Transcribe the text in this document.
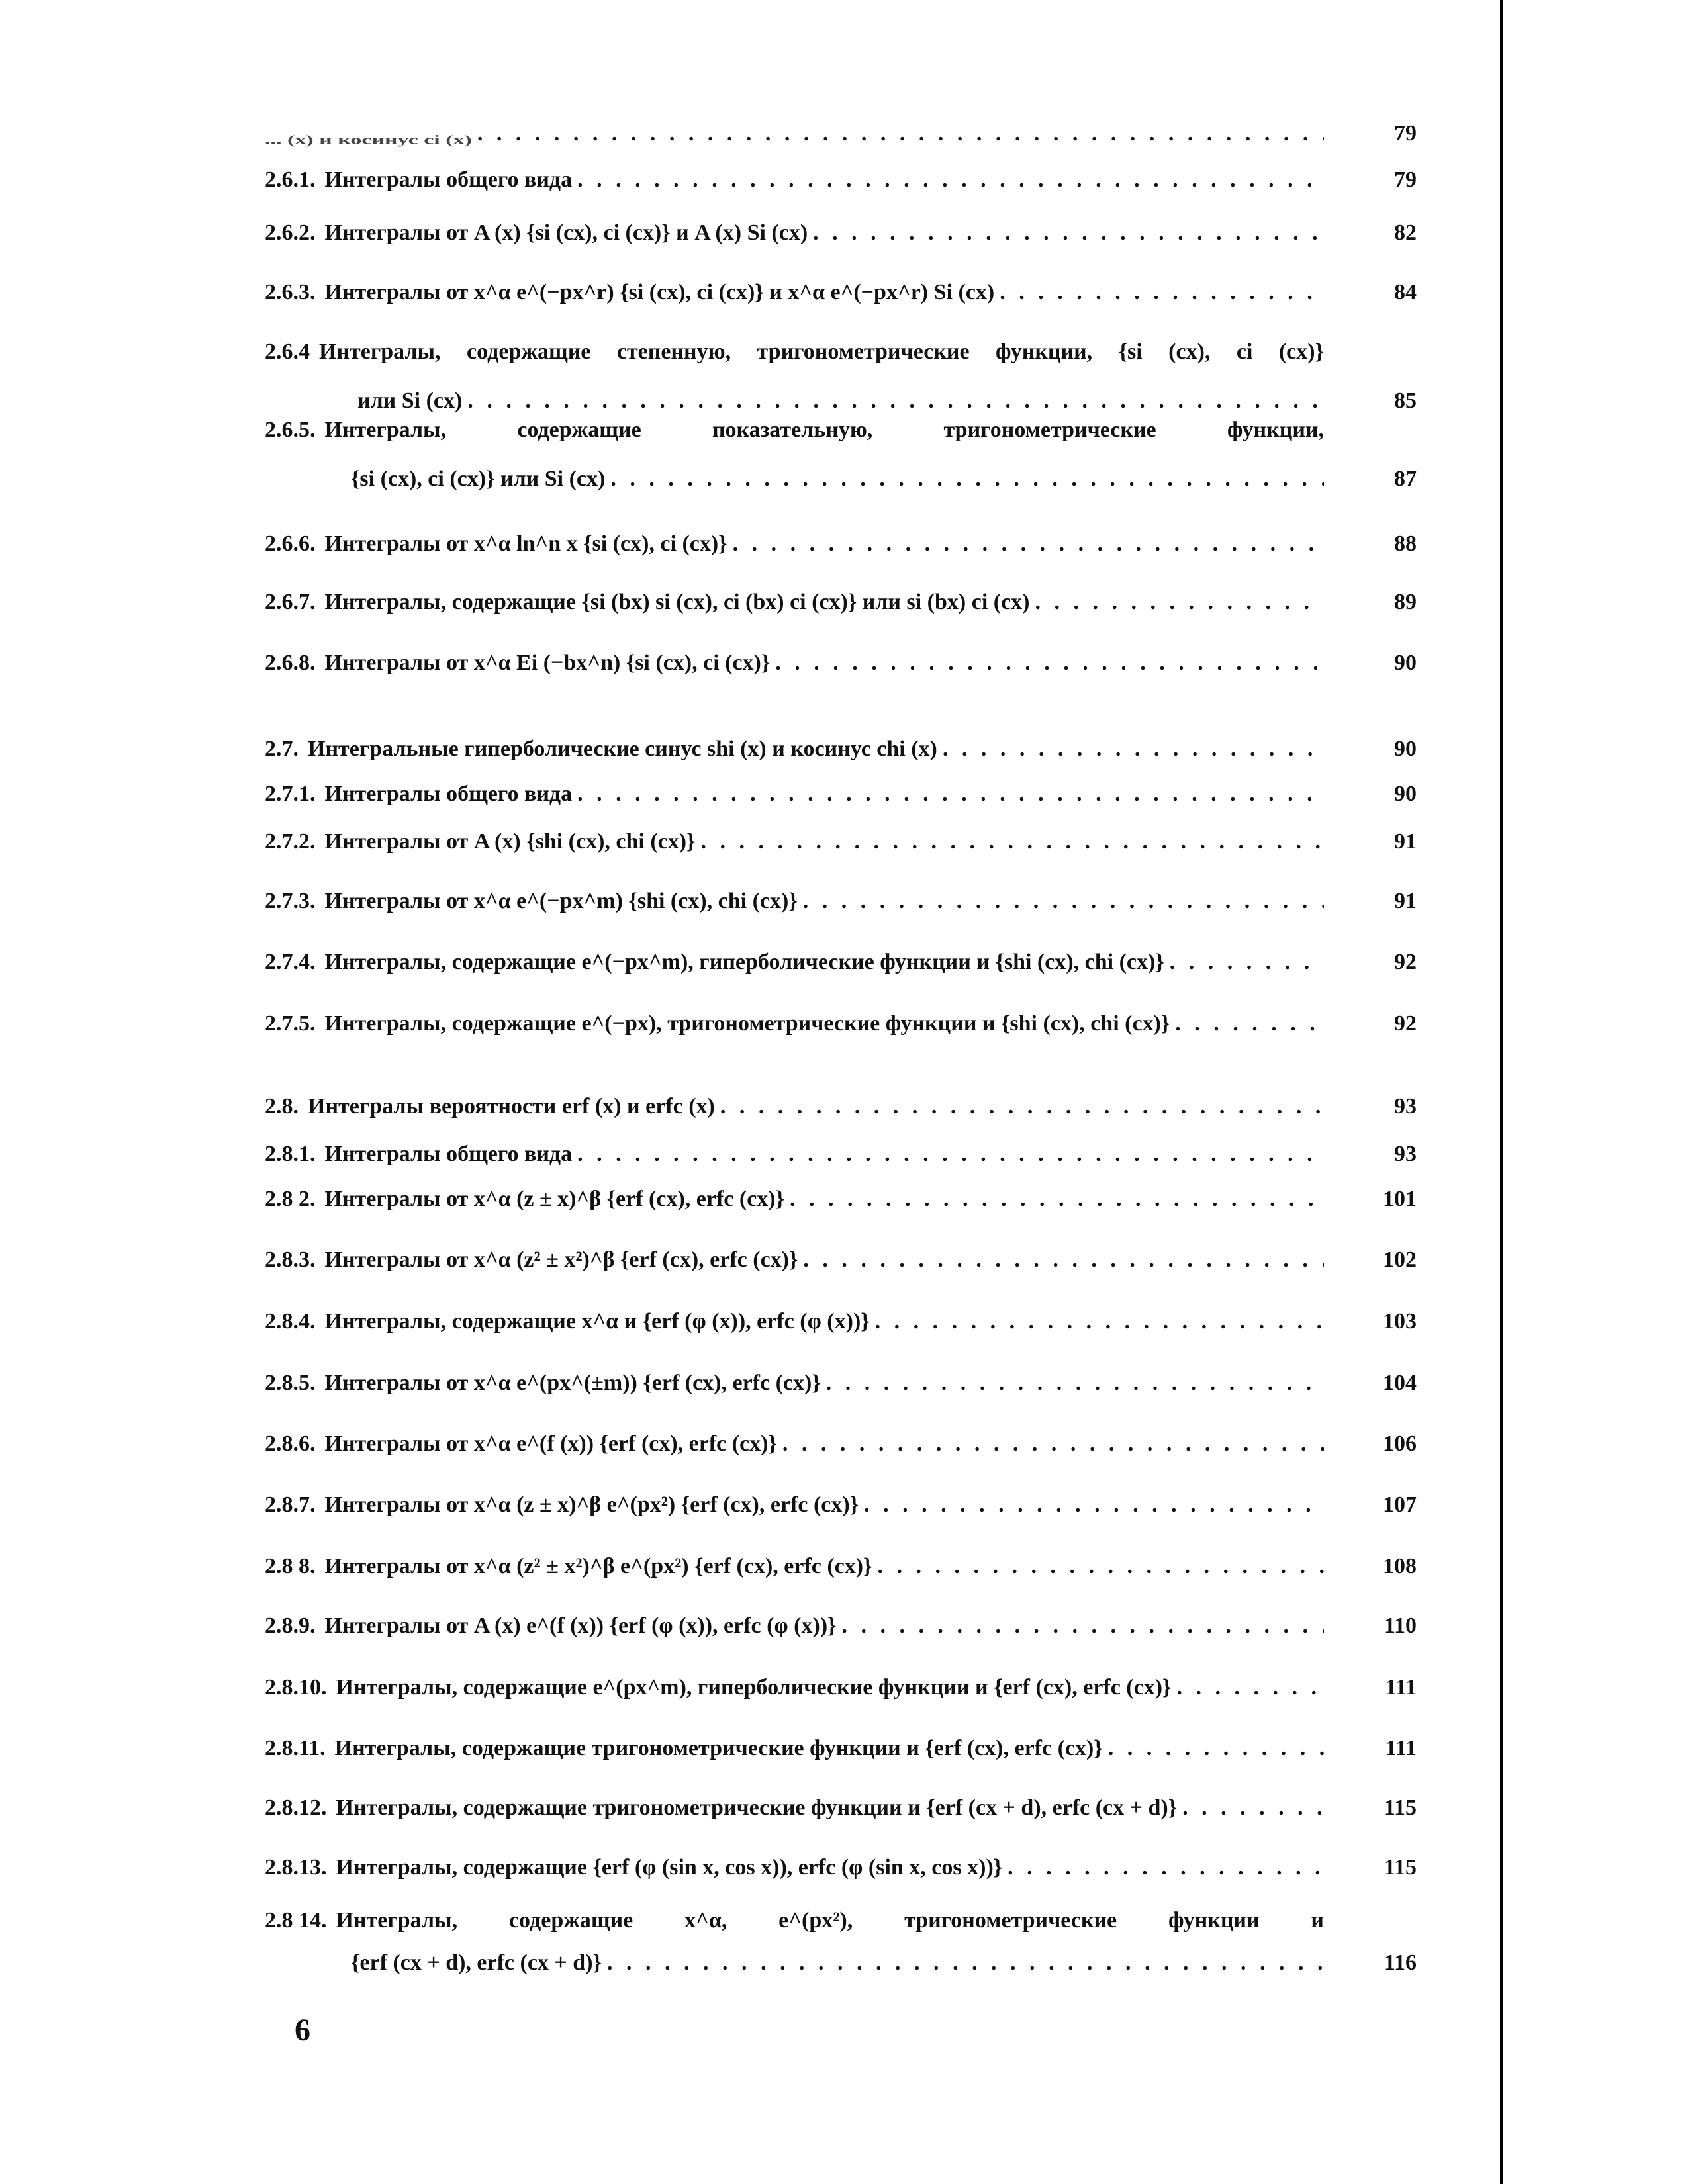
... (x) и косинус ci (x) . . .	79
2.6.1. Интегралы общего вида . . .	79
2.6.2. Интегралы от A (x) {si (cx), ci (cx)} и A (x) Si (cx) . . .	82
2.6.3. Интегралы от x^α e^(−px^r) {si (cx), ci (cx)} и x^α e^(−px^r) Si (cx) . . .	84
2.6.4 Интегралы, содержащие степенную, тригонометрические функции, {si (cx), ci (cx)}
или Si (cx) . . .	85
2.6.5. Интегралы, содержащие показательную, тригонометрические функции,
{si (cx), ci (cx)} или Si (cx) . . .	87
2.6.6. Интегралы от x^α ln^n x {si (cx), ci (cx)} . . .	88
2.6.7. Интегралы, содержащие {si (bx) si (cx), ci (bx) ci (cx)} или si (bx) ci (cx) . . .	89
2.6.8. Интегралы от x^α Ei (−bx^n) {si (cx), ci (cx)} . . .	90
2.7. Интегральные гиперболические синус shi (x) и косинус chi (x) . . .	90
2.7.1. Интегралы общего вида . . .	90
2.7.2. Интегралы от A (x) {shi (cx), chi (cx)} . . .	91
2.7.3. Интегралы от x^α e^(−px^m) {shi (cx), chi (cx)} . . .	91
2.7.4. Интегралы, содержащие e^(−px^m), гиперболические функции и {shi (cx), chi (cx)} . . .	92
2.7.5. Интегралы, содержащие e^(−px), тригонометрические функции и {shi (cx), chi (cx)} . . .	92
2.8. Интегралы вероятности erf (x) и erfc (x) . . .	93
2.8.1. Интегралы общего вида . . .	93
2.8 2. Интегралы от x^α (z ± x)^β {erf (cx), erfc (cx)} . . .	101
2.8.3. Интегралы от x^α (z² ± x²)^β {erf (cx), erfc (cx)} . . .	102
2.8.4. Интегралы, содержащие x^α и {erf (φ (x)), erfc (φ (x))} . . .	103
2.8.5. Интегралы от x^α e^(px^(±m)) {erf (cx), erfc (cx)} . . .	104
2.8.6. Интегралы от x^α e^(f (x)) {erf (cx), erfc (cx)} . . .	106
2.8.7. Интегралы от x^α (z ± x)^β e^(px²) {erf (cx), erfc (cx)} . . .	107
2.8 8. Интегралы от x^α (z² ± x²)^β e^(px²) {erf (cx), erfc (cx)} . . .	108
2.8.9. Интегралы от A (x) e^(f (x)) {erf (φ (x)), erfc (φ (x))} . . .	110
2.8.10. Интегралы, содержащие e^(px^m), гиперболические функции и {erf (cx), erfc (cx)} . . .	111
2.8.11. Интегралы, содержащие тригонометрические функции и {erf (cx), erfc (cx)} . . .	111
2.8.12. Интегралы, содержащие тригонометрические функции и {erf (cx + d), erfc (cx + d)} . . .	115
2.8.13. Интегралы, содержащие {erf (φ (sin x, cos x)), erfc (φ (sin x, cos x))} . . .	115
2.8 14. Интегралы, содержащие x^α, e^(px²), тригонометрические функции и
{erf (cx + d), erfc (cx + d)} . . .	116
6
